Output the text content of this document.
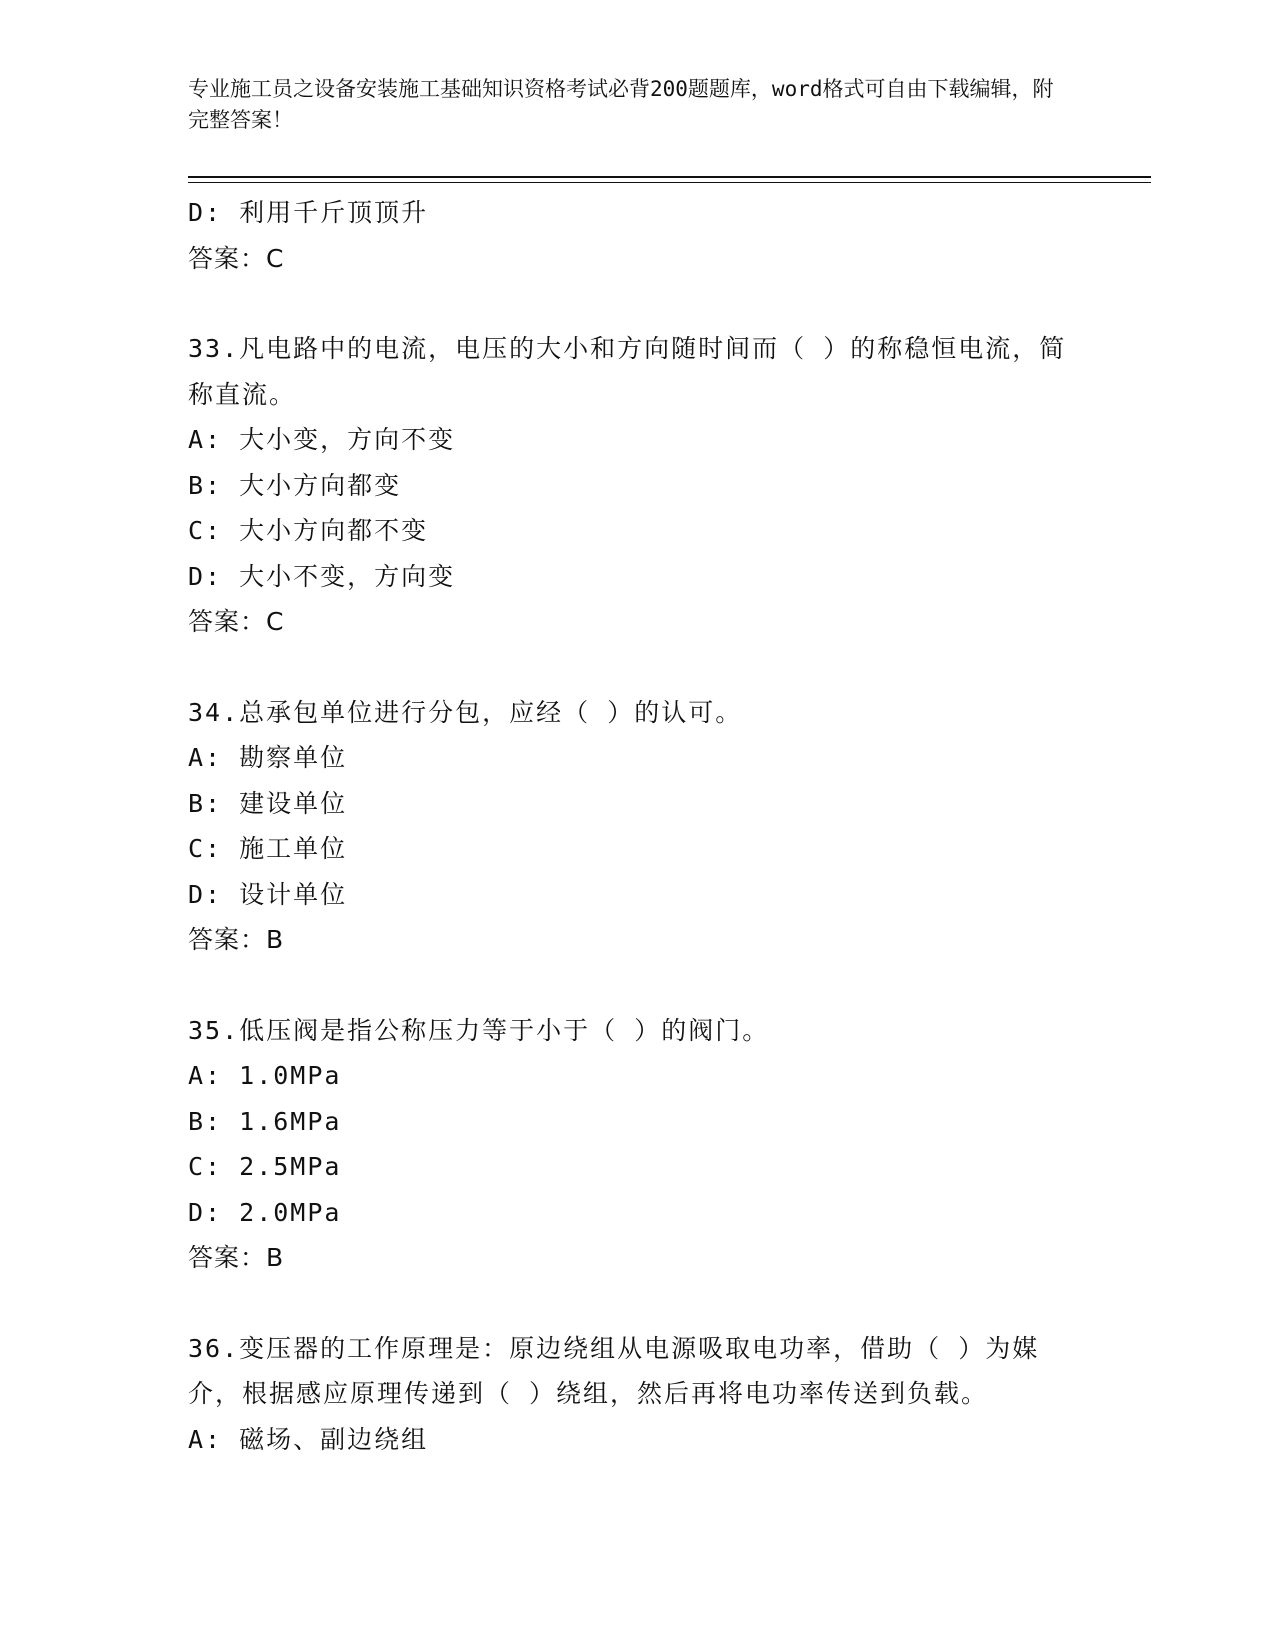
专业施工员之设备安装施工基础知识资格考试必背200题题库，word格式可自由下载编辑，附完整答案！
D: 利用千斤顶顶升
答案：C
33.凡电路中的电流，电压的大小和方向随时间而（ ）的称稳恒电流，简称直流。
A: 大小变，方向不变
B: 大小方向都变
C: 大小方向都不变
D: 大小不变，方向变
答案：C
34.总承包单位进行分包，应经（ ）的认可。
A: 勘察单位
B: 建设单位
C: 施工单位
D: 设计单位
答案：B
35.低压阀是指公称压力等于小于（ ）的阀门。
A: 1.0MPa
B: 1.6MPa
C: 2.5MPa
D: 2.0MPa
答案：B
36.变压器的工作原理是：原边绕组从电源吸取电功率，借助（ ）为媒介，根据感应原理传递到（ ）绕组，然后再将电功率传送到负载。
A: 磁场、副边绕组
